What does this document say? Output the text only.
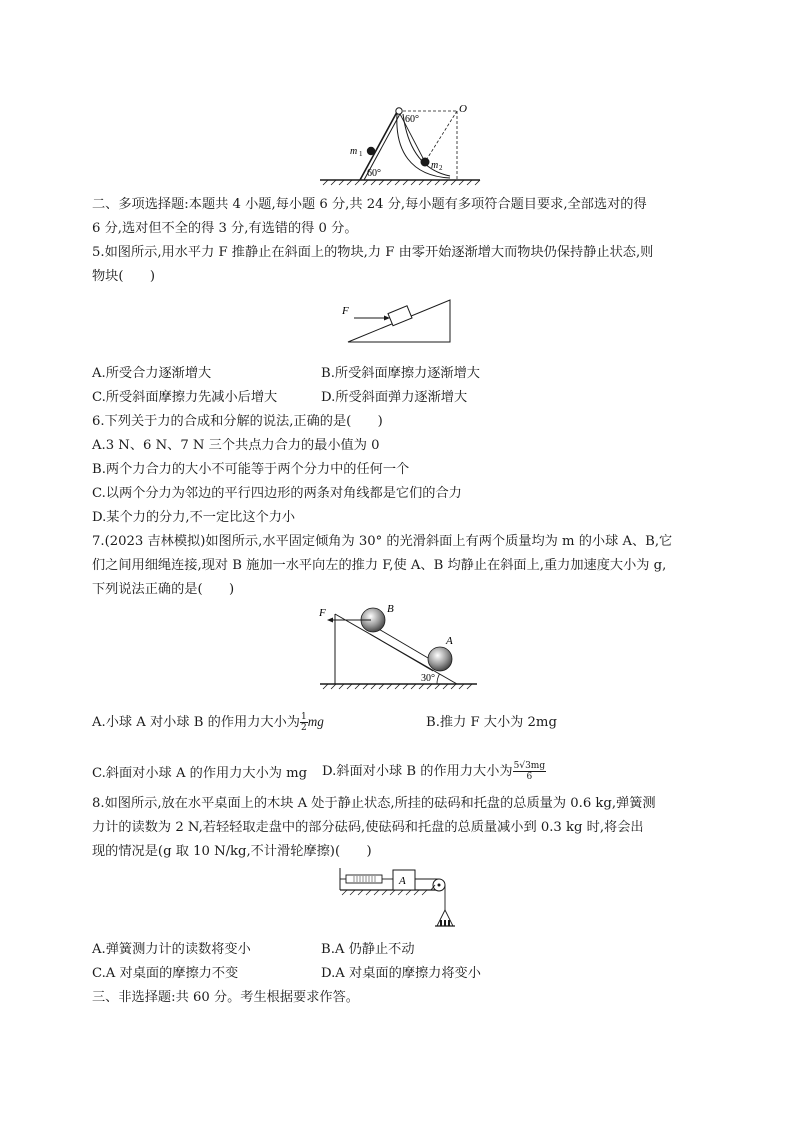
O
60°
60°
m 1
m 2
二、多项选择题:本题共 4 小题,每小题 6 分,共 24 分,每小题有多项符合题目要求,全部选对的得
6 分,选对但不全的得 3 分,有选错的得 0 分。
5.如图所示,用水平力 F 推静止在斜面上的物块,力 F 由零开始逐渐增大而物块仍保持静止状态,则
物块(　　)
F
A.所受合力逐渐增大	B.所受斜面摩擦力逐渐增大
C.所受斜面摩擦力先减小后增大	D.所受斜面弹力逐渐增大
6.下列关于力的合成和分解的说法,正确的是(　　)
A.3 N、6 N、7 N 三个共点力合力的最小值为 0
B.两个力合力的大小不可能等于两个分力中的任何一个
C.以两个分力为邻边的平行四边形的两条对角线都是它们的合力
D.某个力的分力,不一定比这个力小
7.(2023 吉林模拟)如图所示,水平固定倾角为 30° 的光滑斜面上有两个质量均为 m 的小球 A、B,它
们之间用细绳连接,现对 B 施加一水平向左的推力 F,使 A、B 均静止在斜面上,重力加速度大小为 g,
下列说法正确的是(　　)
F	B
A
30°
A.小球 A 对小球 B 的作用力大小为 $\frac{1}{2}$ mg	B.推力 F 大小为 2mg
C.斜面对小球 A 的作用力大小为 mg D.斜面对小球 B 的作用力大小为 $\frac{5√3mg}{6}$
8.如图所示,放在水平桌面上的木块 A 处于静止状态,所挂的砝码和托盘的总质量为 0.6 kg,弹簧测
力计的读数为 2 N,若轻轻取走盘中的部分砝码,使砝码和托盘的总质量减小到 0.3 kg 时,将会出
现的情况是(g 取 10 N/kg,不计滑轮摩擦)(　　)
A
A.弹簧测力计的读数将变小	B.A 仍静止不动
C.A 对桌面的摩擦力不变	D.A 对桌面的摩擦力将变小
三、非选择题:共 60 分。考生根据要求作答。
